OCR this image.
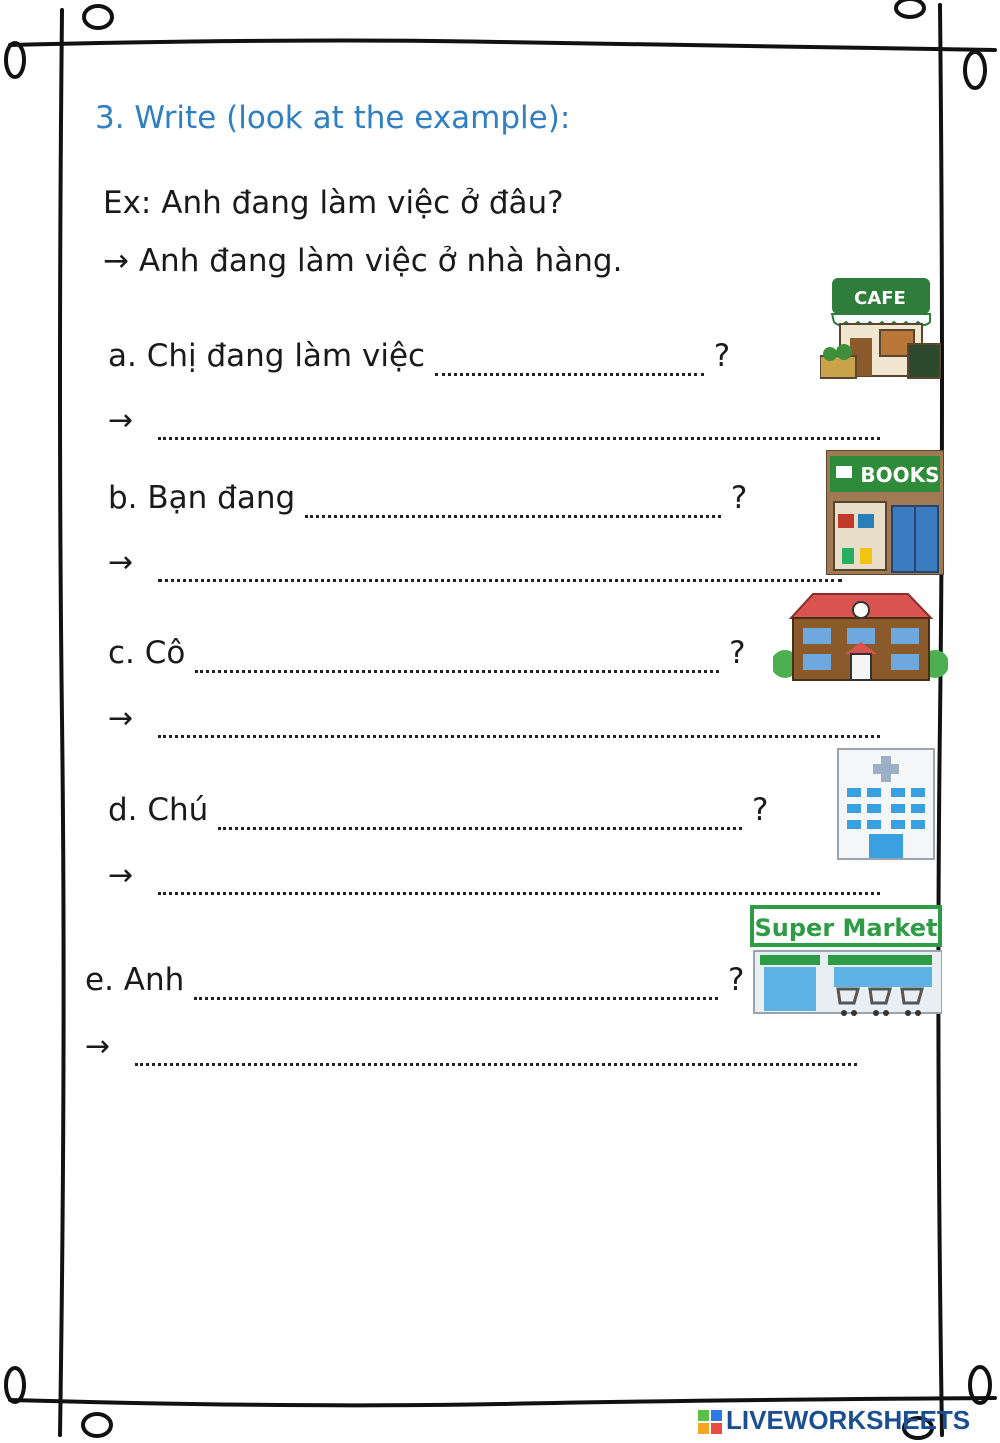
3. Write (look at the example):
Ex: Anh đang làm việc ở đâu?
→ Anh đang làm việc ở nhà hàng.
a. Chị đang làm việc	?
→
b. Bạn đang	?
→
c. Cô	?
→
d. Chú	?
→
e. Anh	?
→
CAFE
BOOKS
Super Market
LIVEWORKSHEETS
